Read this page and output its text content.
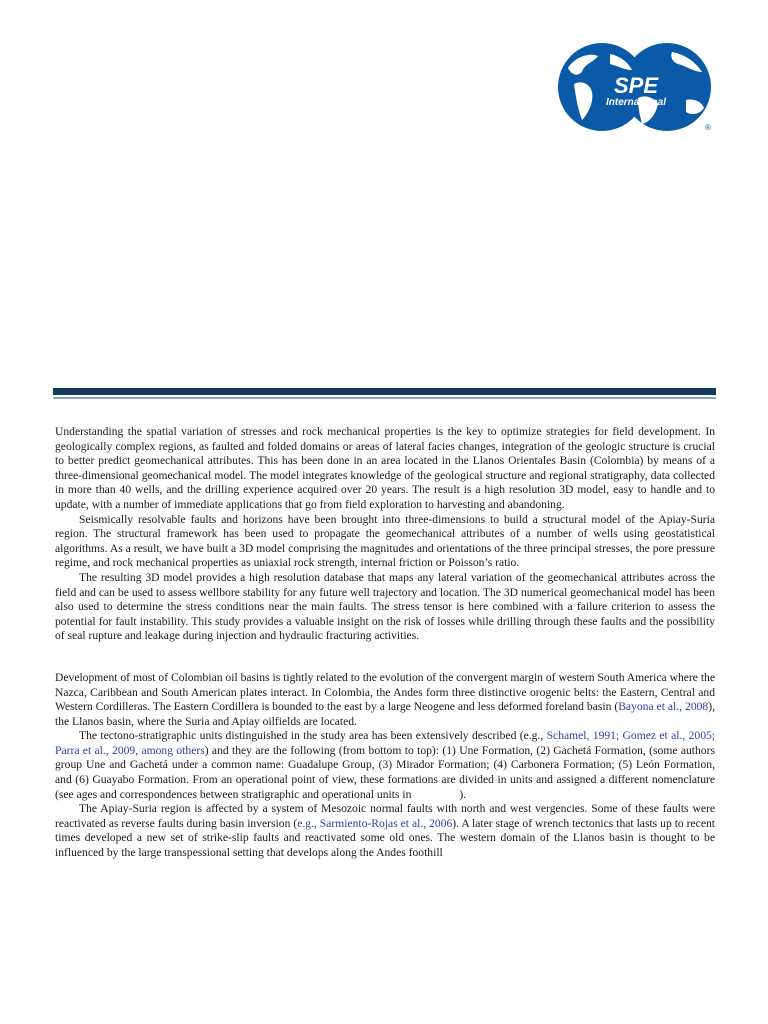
SPE
International
®

Understanding the spatial variation of stresses and rock mechanical properties is the key to optimize strategies for field development. In geologically complex regions, as faulted and folded domains or areas of lateral facies changes, integration of the geologic structure is crucial to better predict geomechanical attributes. This has been done in an area located in the Llanos Orientales Basin (Colombia) by means of a three-dimensional geomechanical model. The model integrates knowledge of the geological structure and regional stratigraphy, data collected in more than 40 wells, and the drilling experience acquired over 20 years. The result is a high resolution 3D model, easy to handle and to update, with a number of immediate applications that go from field exploration to harvesting and abandoning.

Seismically resolvable faults and horizons have been brought into three-dimensions to build a structural model of the Apiay-Suria region. The structural framework has been used to propagate the geomechanical attributes of a number of wells using geostatistical algorithms. As a result, we have built a 3D model comprising the magnitudes and orientations of the three principal stresses, the pore pressure regime, and rock mechanical properties as uniaxial rock strength, internal friction or Poisson’s ratio.

The resulting 3D model provides a high resolution database that maps any lateral variation of the geomechanical attributes across the field and can be used to assess wellbore stability for any future well trajectory and location. The 3D numerical geomechanical model has been also used to determine the stress conditions near the main faults. The stress tensor is here combined with a failure criterion to assess the potential for fault instability. This study provides a valuable insight on the risk of losses while drilling through these faults and the possibility of seal rupture and leakage during injection and hydraulic fracturing activities.

Development of most of Colombian oil basins is tightly related to the evolution of the convergent margin of western South America where the Nazca, Caribbean and South American plates interact. In Colombia, the Andes form three distinctive orogenic belts: the Eastern, Central and Western Cordilleras. The Eastern Cordillera is bounded to the east by a large Neogene and less deformed foreland basin (Bayona et al., 2008), the Llanos basin, where the Suria and Apiay oilfields are located.

The tectono-stratigraphic units distinguished in the study area has been extensively described (e.g., Schamel, 1991; Gomez et al., 2005; Parra et al., 2009, among others) and they are the following (from bottom to top): (1) Une Formation, (2) Gachetá Formation, (some authors group Une and Gachetá under a common name: Guadalupe Group, (3) Mirador Formation; (4) Carbonera Formation; (5) León Formation, and (6) Guayabo Formation. From an operational point of view, these formations are divided in units and assigned a different nomenclature (see ages and correspondences between stratigraphic and operational units in	).

The Apiay-Suria region is affected by a system of Mesozoic normal faults with north and west vergencies. Some of these faults were reactivated as reverse faults during basin inversion (e.g., Sarmiento-Rojas et al., 2006). A later stage of wrench tectonics that lasts up to recent times developed a new set of strike-slip faults and reactivated some old ones. The western domain of the Llanos basin is thought to be influenced by the large transpessional setting that develops along the Andes foothill
